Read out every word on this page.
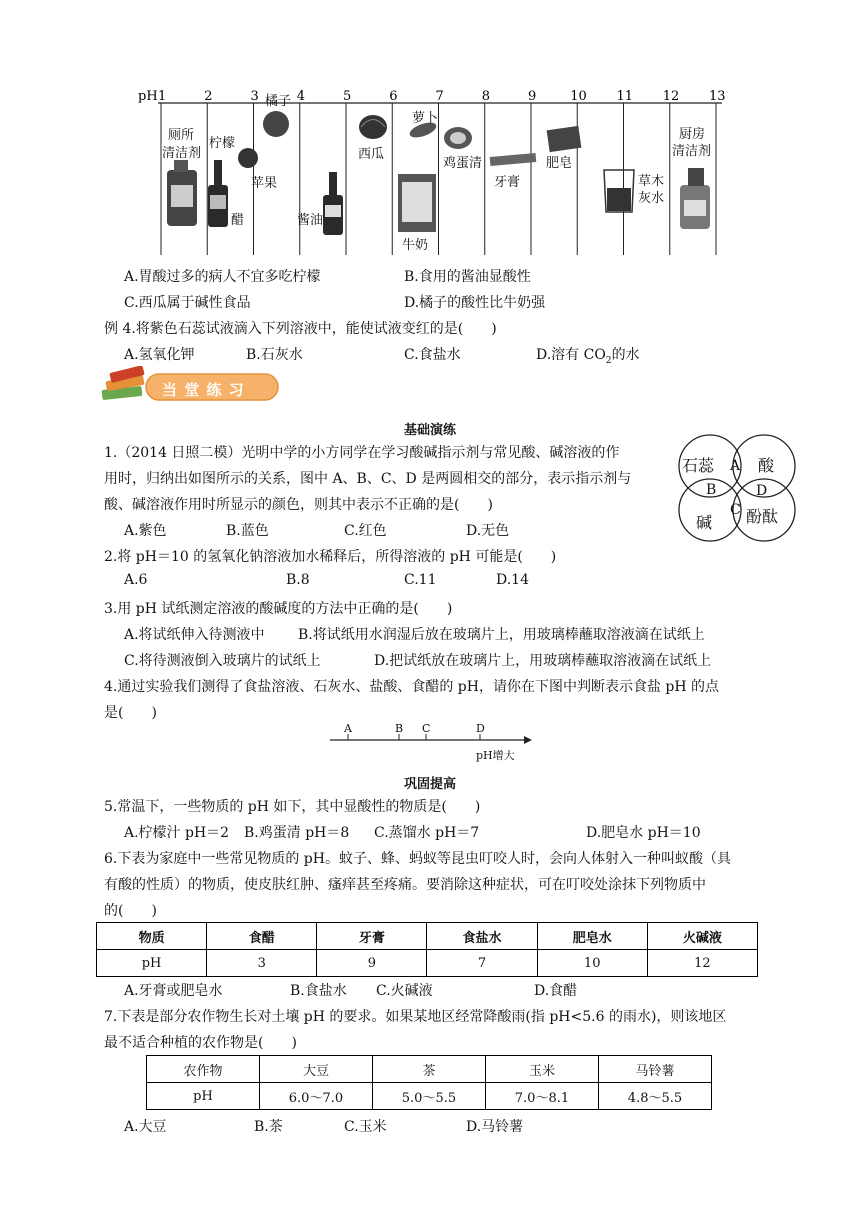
pH 1	2	3	4	5	6	7	8	9	10 11 12 13
厕所
清洁剂
柠檬
橘子
苹果
醋	酱油
西瓜
萝卜
鸡蛋清
牙膏
牛奶
肥皂
草木
灰水
厨房
清洁剂
A.胃酸过多的病人不宜多吃柠檬	B.食用的酱油显酸性
C.西瓜属于碱性食品	D.橘子的酸性比牛奶强
例 4.将紫色石蕊试液滴入下列溶液中，能使试液变红的是(　　)
A.氢氧化钾	B.石灰水	C.食盐水	D.溶有 $CO_2$的水
当 堂 练 习
基础演练
1.（2014 日照二模）光明中学的小方同学在学习酸碱指示剂与常见酸、碱溶液的作
用时，归纳出如图所示的关系，图中 A、B、C、D 是两圆相交的部分，表示指示剂与
酸、碱溶液作用时所显示的颜色，则其中表示不正确的是(　　)
A.紫色	B.蓝色	C.红色	D.无色
石蕊	酸
碱 酚酞
A
B
C
D
2.将 pH＝10 的氢氧化钠溶液加水稀释后，所得溶液的 pH 可能是(　　)
A.6	B.8	C.11	D.14
3.用 pH 试纸测定溶液的酸碱度的方法中正确的是(　　)
A.将试纸伸入待测液中 B.将试纸用水润湿后放在玻璃片上，用玻璃棒蘸取溶液滴在试纸上
C.将待测液倒入玻璃片的试纸上	D.把试纸放在玻璃片上，用玻璃棒蘸取溶液滴在试纸上
4.通过实验我们测得了食盐溶液、石灰水、盐酸、食醋的 pH，请你在下图中判断表示食盐 pH 的点
是(　　)
A	B C	D
pH增大
巩固提高
5.常温下，一些物质的 pH 如下，其中显酸性的物质是(　　)
A.柠檬汁 pH＝2 B.鸡蛋清 pH＝8 C.蒸馏水 pH＝7	D.肥皂水 pH＝10
6.下表为家庭中一些常见物质的 pH。蚊子、蜂、蚂蚁等昆虫叮咬人时，会向人体射入一种叫蚁酸（具
有酸的性质）的物质，使皮肤红肿、瘙痒甚至疼痛。要消除这种症状，可在叮咬处涂抹下列物质中
的(　　)
物质	食醋	牙膏	食盐水	肥皂水	火碱液
pH	3	9	7	10	12
A.牙膏或肥皂水	B.食盐水 C.火碱液	D.食醋
7.下表是部分农作物生长对土壤 pH 的要求。如果某地区经常降酸雨(指 pH<5.6 的雨水)，则该地区
最不适合种植的农作物是(　　)
农作物	大豆	茶	玉米	马铃薯
pH	6.0～7.0	5.0～5.5	7.0～8.1	4.8～5.5
A.大豆	B.茶	C.玉米	D.马铃薯
